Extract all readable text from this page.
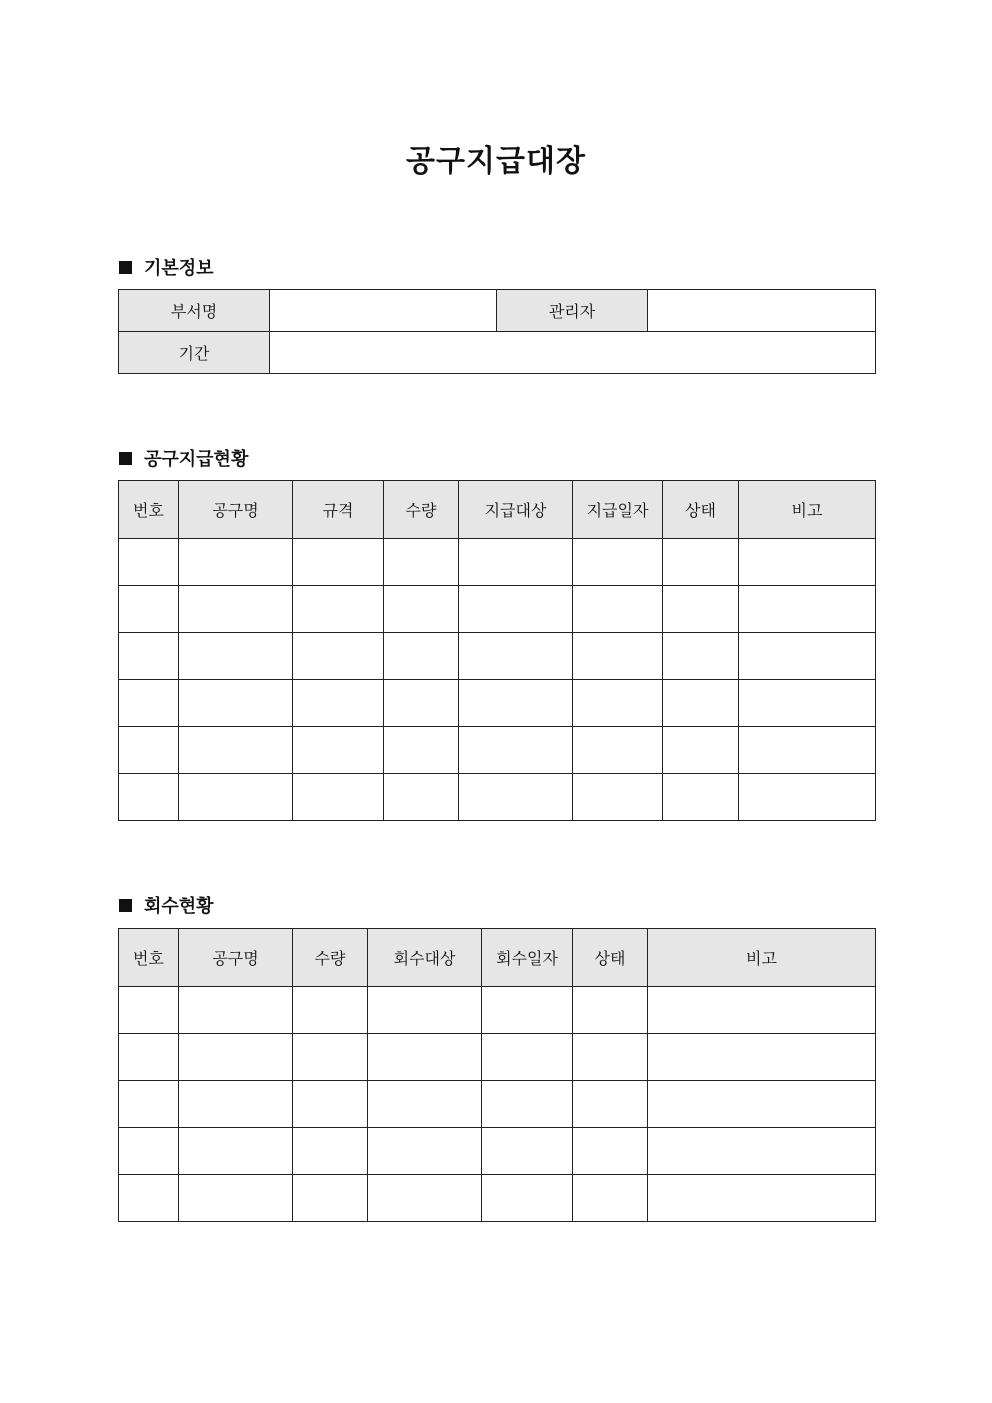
공구지급대장
기본정보
부서명		관리자	
기간			
공구지급현황
번호	공구명	규격	수량	지급대상	지급일자	상태	비고

회수현황
번호	공구명	수량	회수대상	회수일자	상태	비고
